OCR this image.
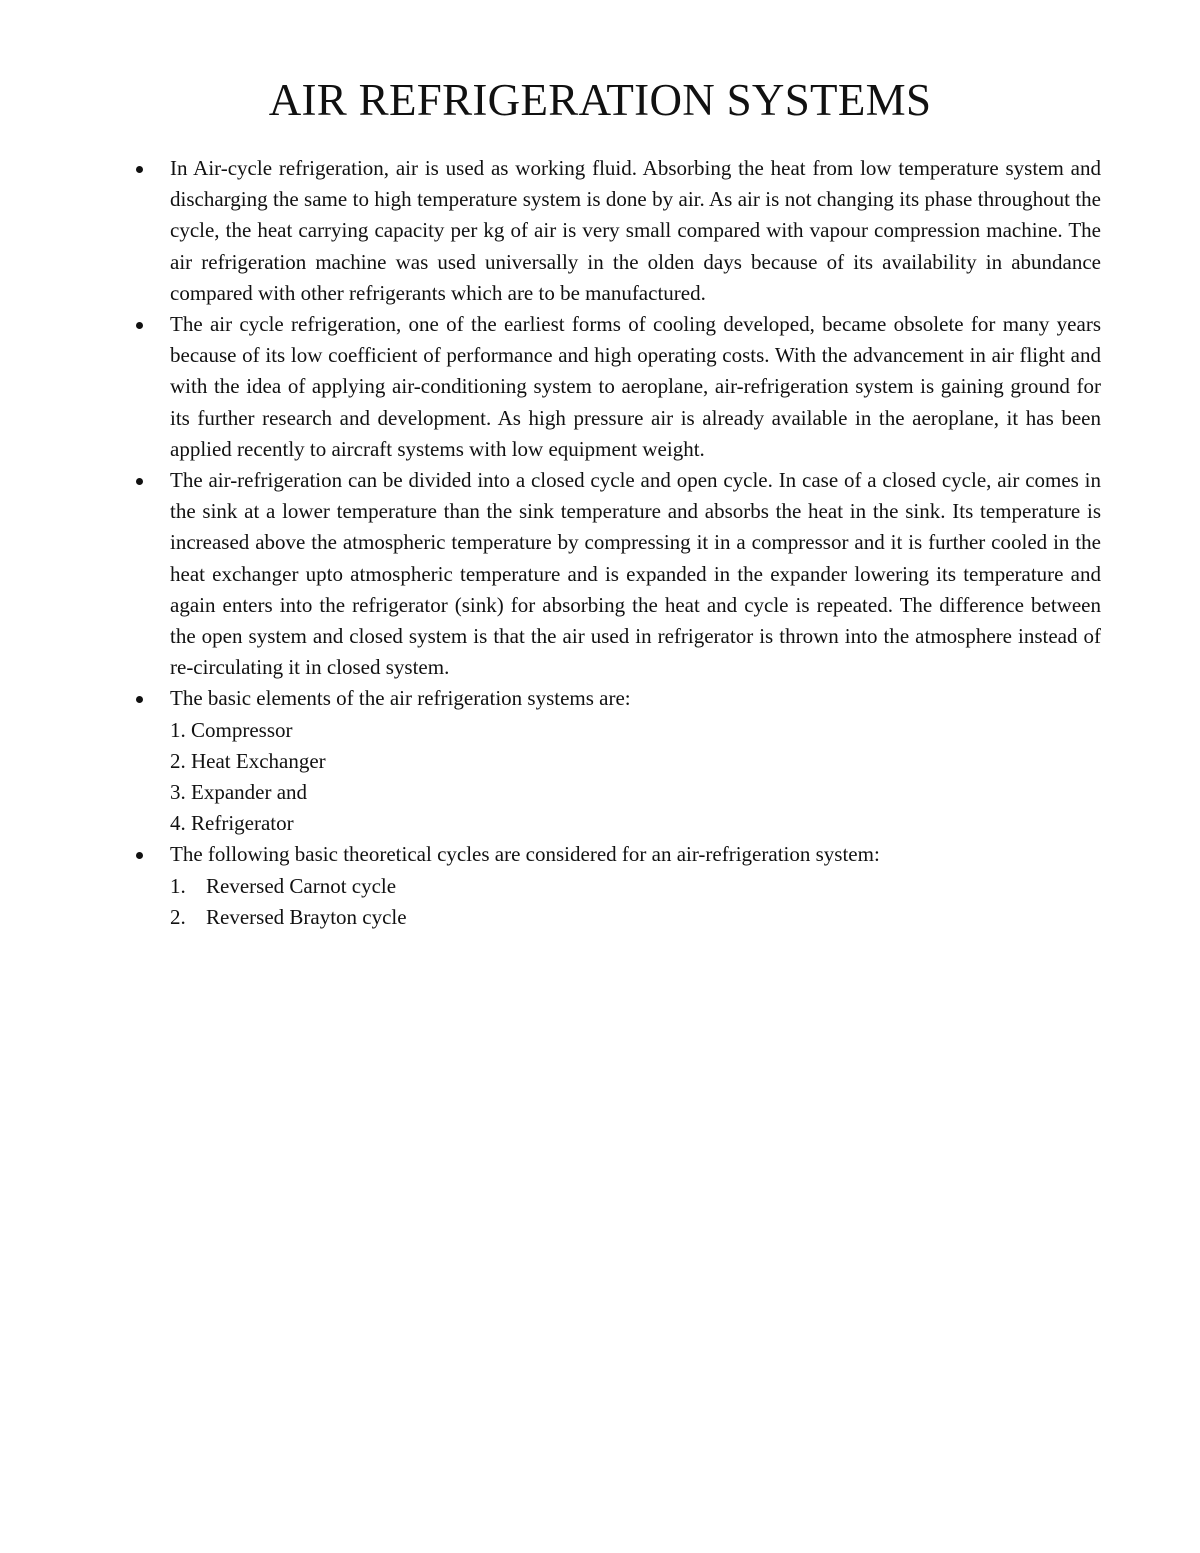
AIR REFRIGERATION SYSTEMS

In Air-cycle refrigeration, air is used as working fluid. Absorbing the heat from low temperature system and discharging the same to high temperature system is done by air. As air is not changing its phase throughout the cycle, the heat carrying capacity per kg of air is very small compared with vapour compression machine. The air refrigeration machine was used universally in the olden days because of its availability in abundance compared with other refrigerants which are to be manufactured.

The air cycle refrigeration, one of the earliest forms of cooling developed, became obsolete for many years because of its low coefficient of performance and high operating costs. With the advancement in air flight and with the idea of applying air-conditioning system to aeroplane, air-refrigeration system is gaining ground for its further research and development. As high pressure air is already available in the aeroplane, it has been applied recently to aircraft systems with low equipment weight.

The air-refrigeration can be divided into a closed cycle and open cycle. In case of a closed cycle, air comes in the sink at a lower temperature than the sink temperature and absorbs the heat in the sink. Its temperature is increased above the atmospheric temperature by compressing it in a compressor and it is further cooled in the heat exchanger upto atmospheric temperature and is expanded in the expander lowering its temperature and again enters into the refrigerator (sink) for absorbing the heat and cycle is repeated. The difference between the open system and closed system is that the air used in refrigerator is thrown into the atmosphere instead of re-circulating it in closed system.

The basic elements of the air refrigeration systems are:
1. Compressor
2. Heat Exchanger
3. Expander and
4. Refrigerator
The following basic theoretical cycles are considered for an air-refrigeration system:
1. Reversed Carnot cycle
2. Reversed Brayton cycle
